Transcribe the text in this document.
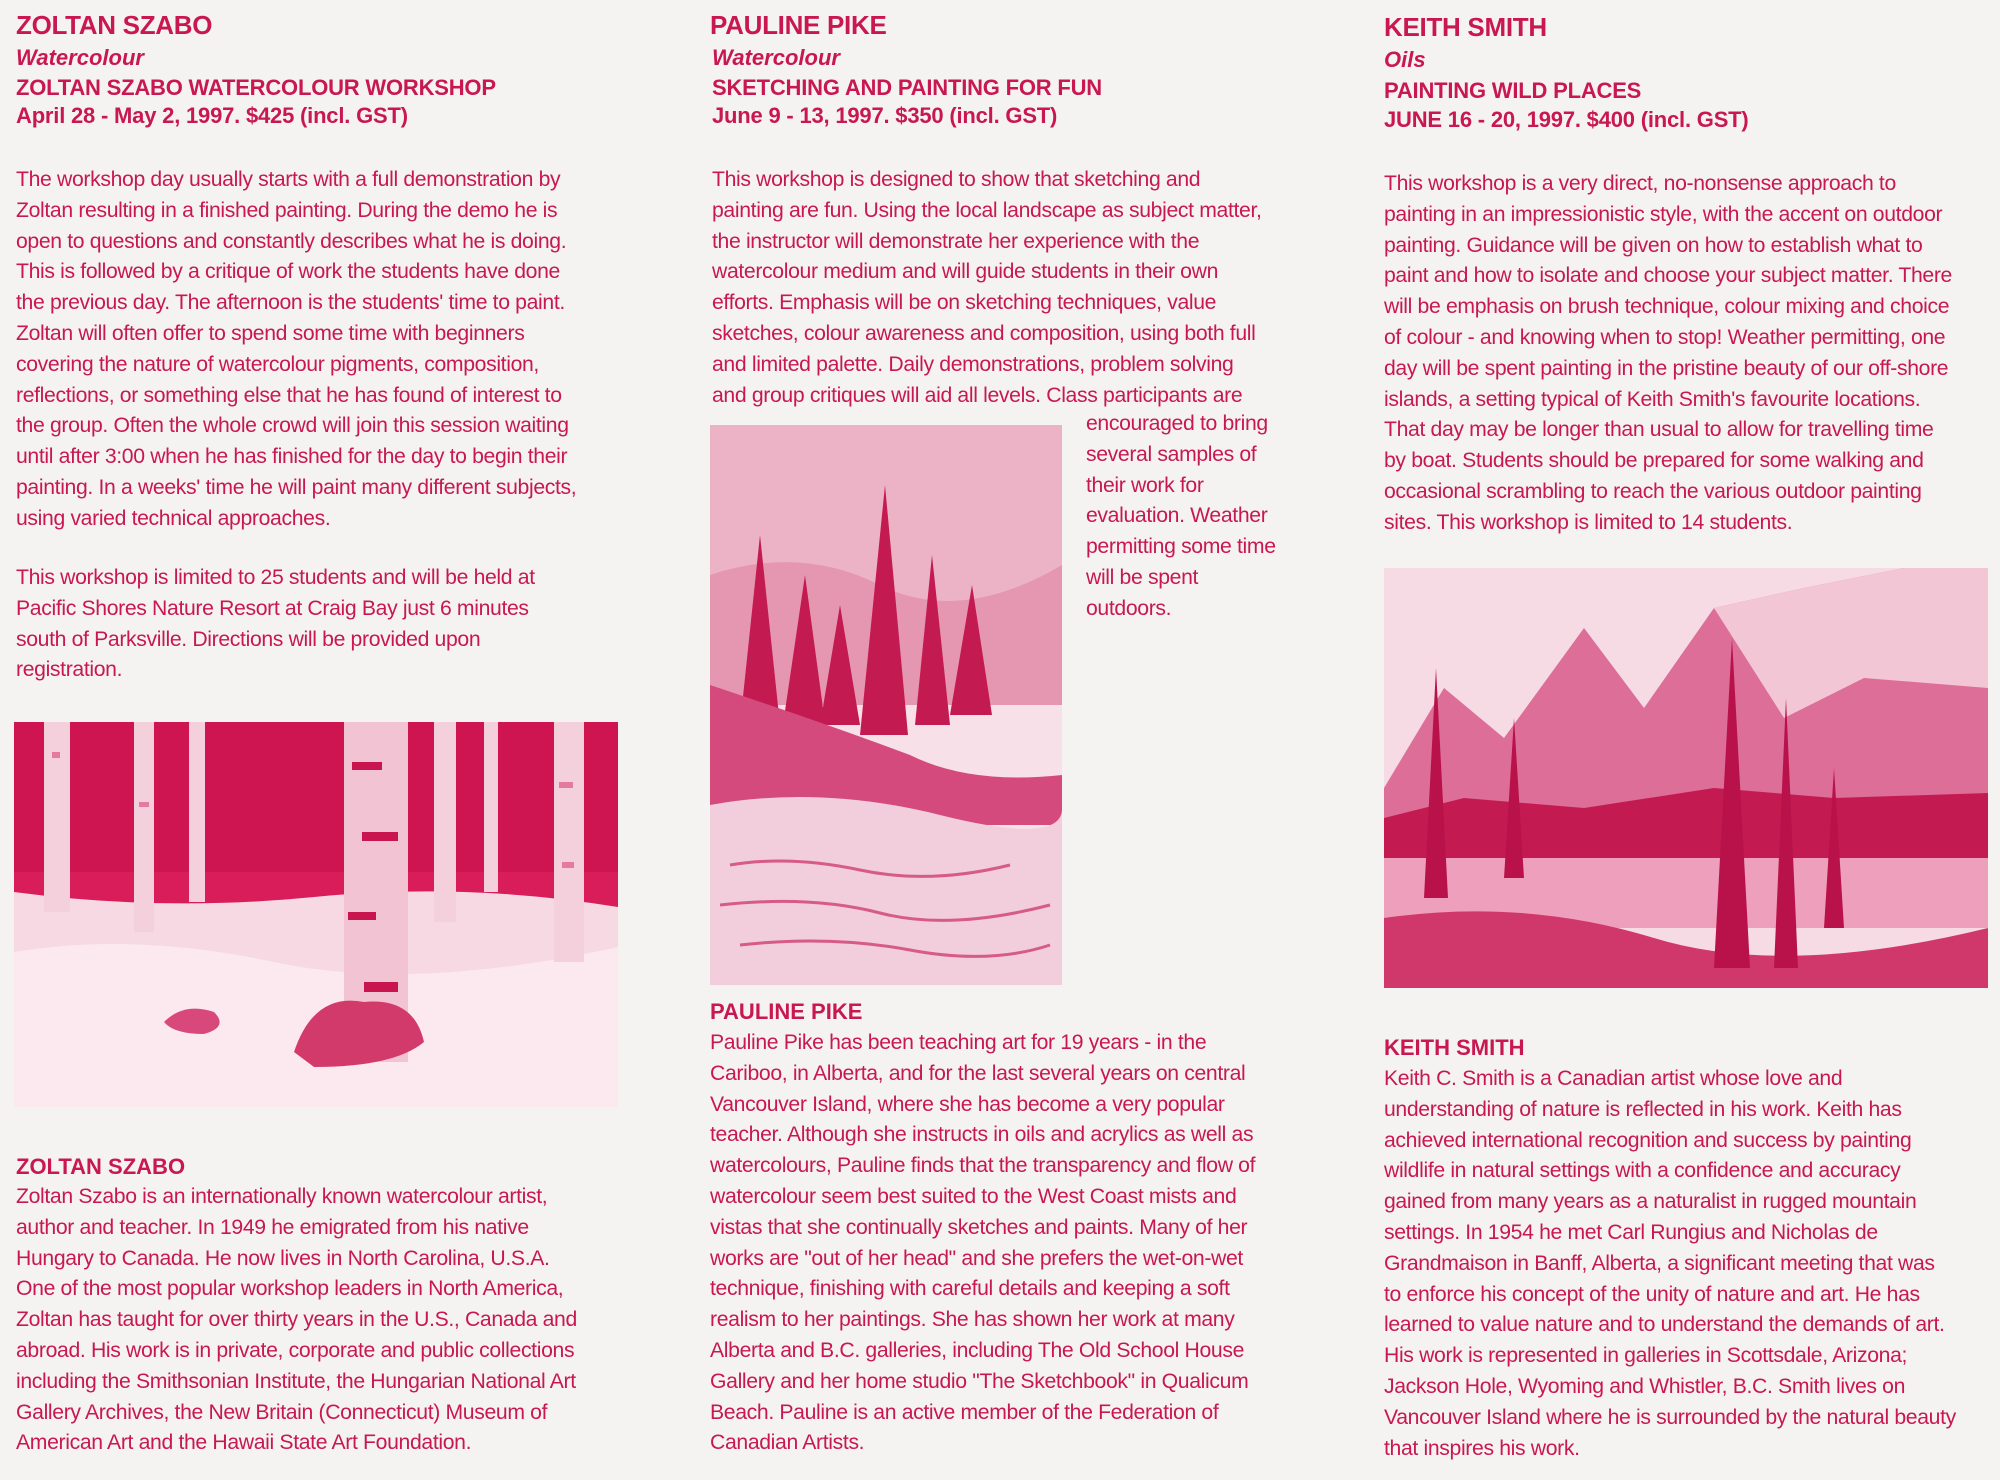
ZOLTAN SZABO
Watercolour
ZOLTAN SZABO WATERCOLOUR WORKSHOP
April 28 - May 2, 1997. $425 (incl. GST)
The workshop day usually starts with a full demonstration by
Zoltan resulting in a finished painting. During the demo he is
open to questions and constantly describes what he is doing.
This is followed by a critique of work the students have done
the previous day. The afternoon is the students' time to paint.
Zoltan will often offer to spend some time with beginners
covering the nature of watercolour pigments, composition,
reflections, or something else that he has found of interest to
the group. Often the whole crowd will join this session waiting
until after 3:00 when he has finished for the day to begin their
painting. In a weeks' time he will paint many different subjects,
using varied technical approaches.
This workshop is limited to 25 students and will be held at
Pacific Shores Nature Resort at Craig Bay just 6 minutes
south of Parksville. Directions will be provided upon
registration.
ZOLTAN SZABO
Zoltan Szabo is an internationally known watercolour artist,
author and teacher. In 1949 he emigrated from his native
Hungary to Canada. He now lives in North Carolina, U.S.A.
One of the most popular workshop leaders in North America,
Zoltan has taught for over thirty years in the U.S., Canada and
abroad. His work is in private, corporate and public collections
including the Smithsonian Institute, the Hungarian National Art
Gallery Archives, the New Britain (Connecticut) Museum of
American Art and the Hawaii State Art Foundation.
PAULINE PIKE
Watercolour
SKETCHING AND PAINTING FOR FUN
June 9 - 13, 1997. $350 (incl. GST)
This workshop is designed to show that sketching and
painting are fun. Using the local landscape as subject matter,
the instructor will demonstrate her experience with the
watercolour medium and will guide students in their own
efforts. Emphasis will be on sketching techniques, value
sketches, colour awareness and composition, using both full
and limited palette. Daily demonstrations, problem solving
and group critiques will aid all levels. Class participants are
encouraged to bring
several samples of
their work for
evaluation. Weather
permitting some time
will be spent
outdoors.
PAULINE PIKE
Pauline Pike has been teaching art for 19 years - in the
Cariboo, in Alberta, and for the last several years on central
Vancouver Island, where she has become a very popular
teacher. Although she instructs in oils and acrylics as well as
watercolours, Pauline finds that the transparency and flow of
watercolour seem best suited to the West Coast mists and
vistas that she continually sketches and paints. Many of her
works are "out of her head" and she prefers the wet-on-wet
technique, finishing with careful details and keeping a soft
realism to her paintings. She has shown her work at many
Alberta and B.C. galleries, including The Old School House
Gallery and her home studio "The Sketchbook" in Qualicum
Beach. Pauline is an active member of the Federation of
Canadian Artists.
KEITH SMITH
Oils
PAINTING WILD PLACES
JUNE 16 - 20, 1997. $400 (incl. GST)
This workshop is a very direct, no-nonsense approach to
painting in an impressionistic style, with the accent on outdoor
painting. Guidance will be given on how to establish what to
paint and how to isolate and choose your subject matter. There
will be emphasis on brush technique, colour mixing and choice
of colour - and knowing when to stop! Weather permitting, one
day will be spent painting in the pristine beauty of our off-shore
islands, a setting typical of Keith Smith's favourite locations.
That day may be longer than usual to allow for travelling time
by boat. Students should be prepared for some walking and
occasional scrambling to reach the various outdoor painting
sites. This workshop is limited to 14 students.
KEITH SMITH
Keith C. Smith is a Canadian artist whose love and
understanding of nature is reflected in his work. Keith has
achieved international recognition and success by painting
wildlife in natural settings with a confidence and accuracy
gained from many years as a naturalist in rugged mountain
settings. In 1954 he met Carl Rungius and Nicholas de
Grandmaison in Banff, Alberta, a significant meeting that was
to enforce his concept of the unity of nature and art. He has
learned to value nature and to understand the demands of art.
His work is represented in galleries in Scottsdale, Arizona;
Jackson Hole, Wyoming and Whistler, B.C. Smith lives on
Vancouver Island where he is surrounded by the natural beauty
that inspires his work.
